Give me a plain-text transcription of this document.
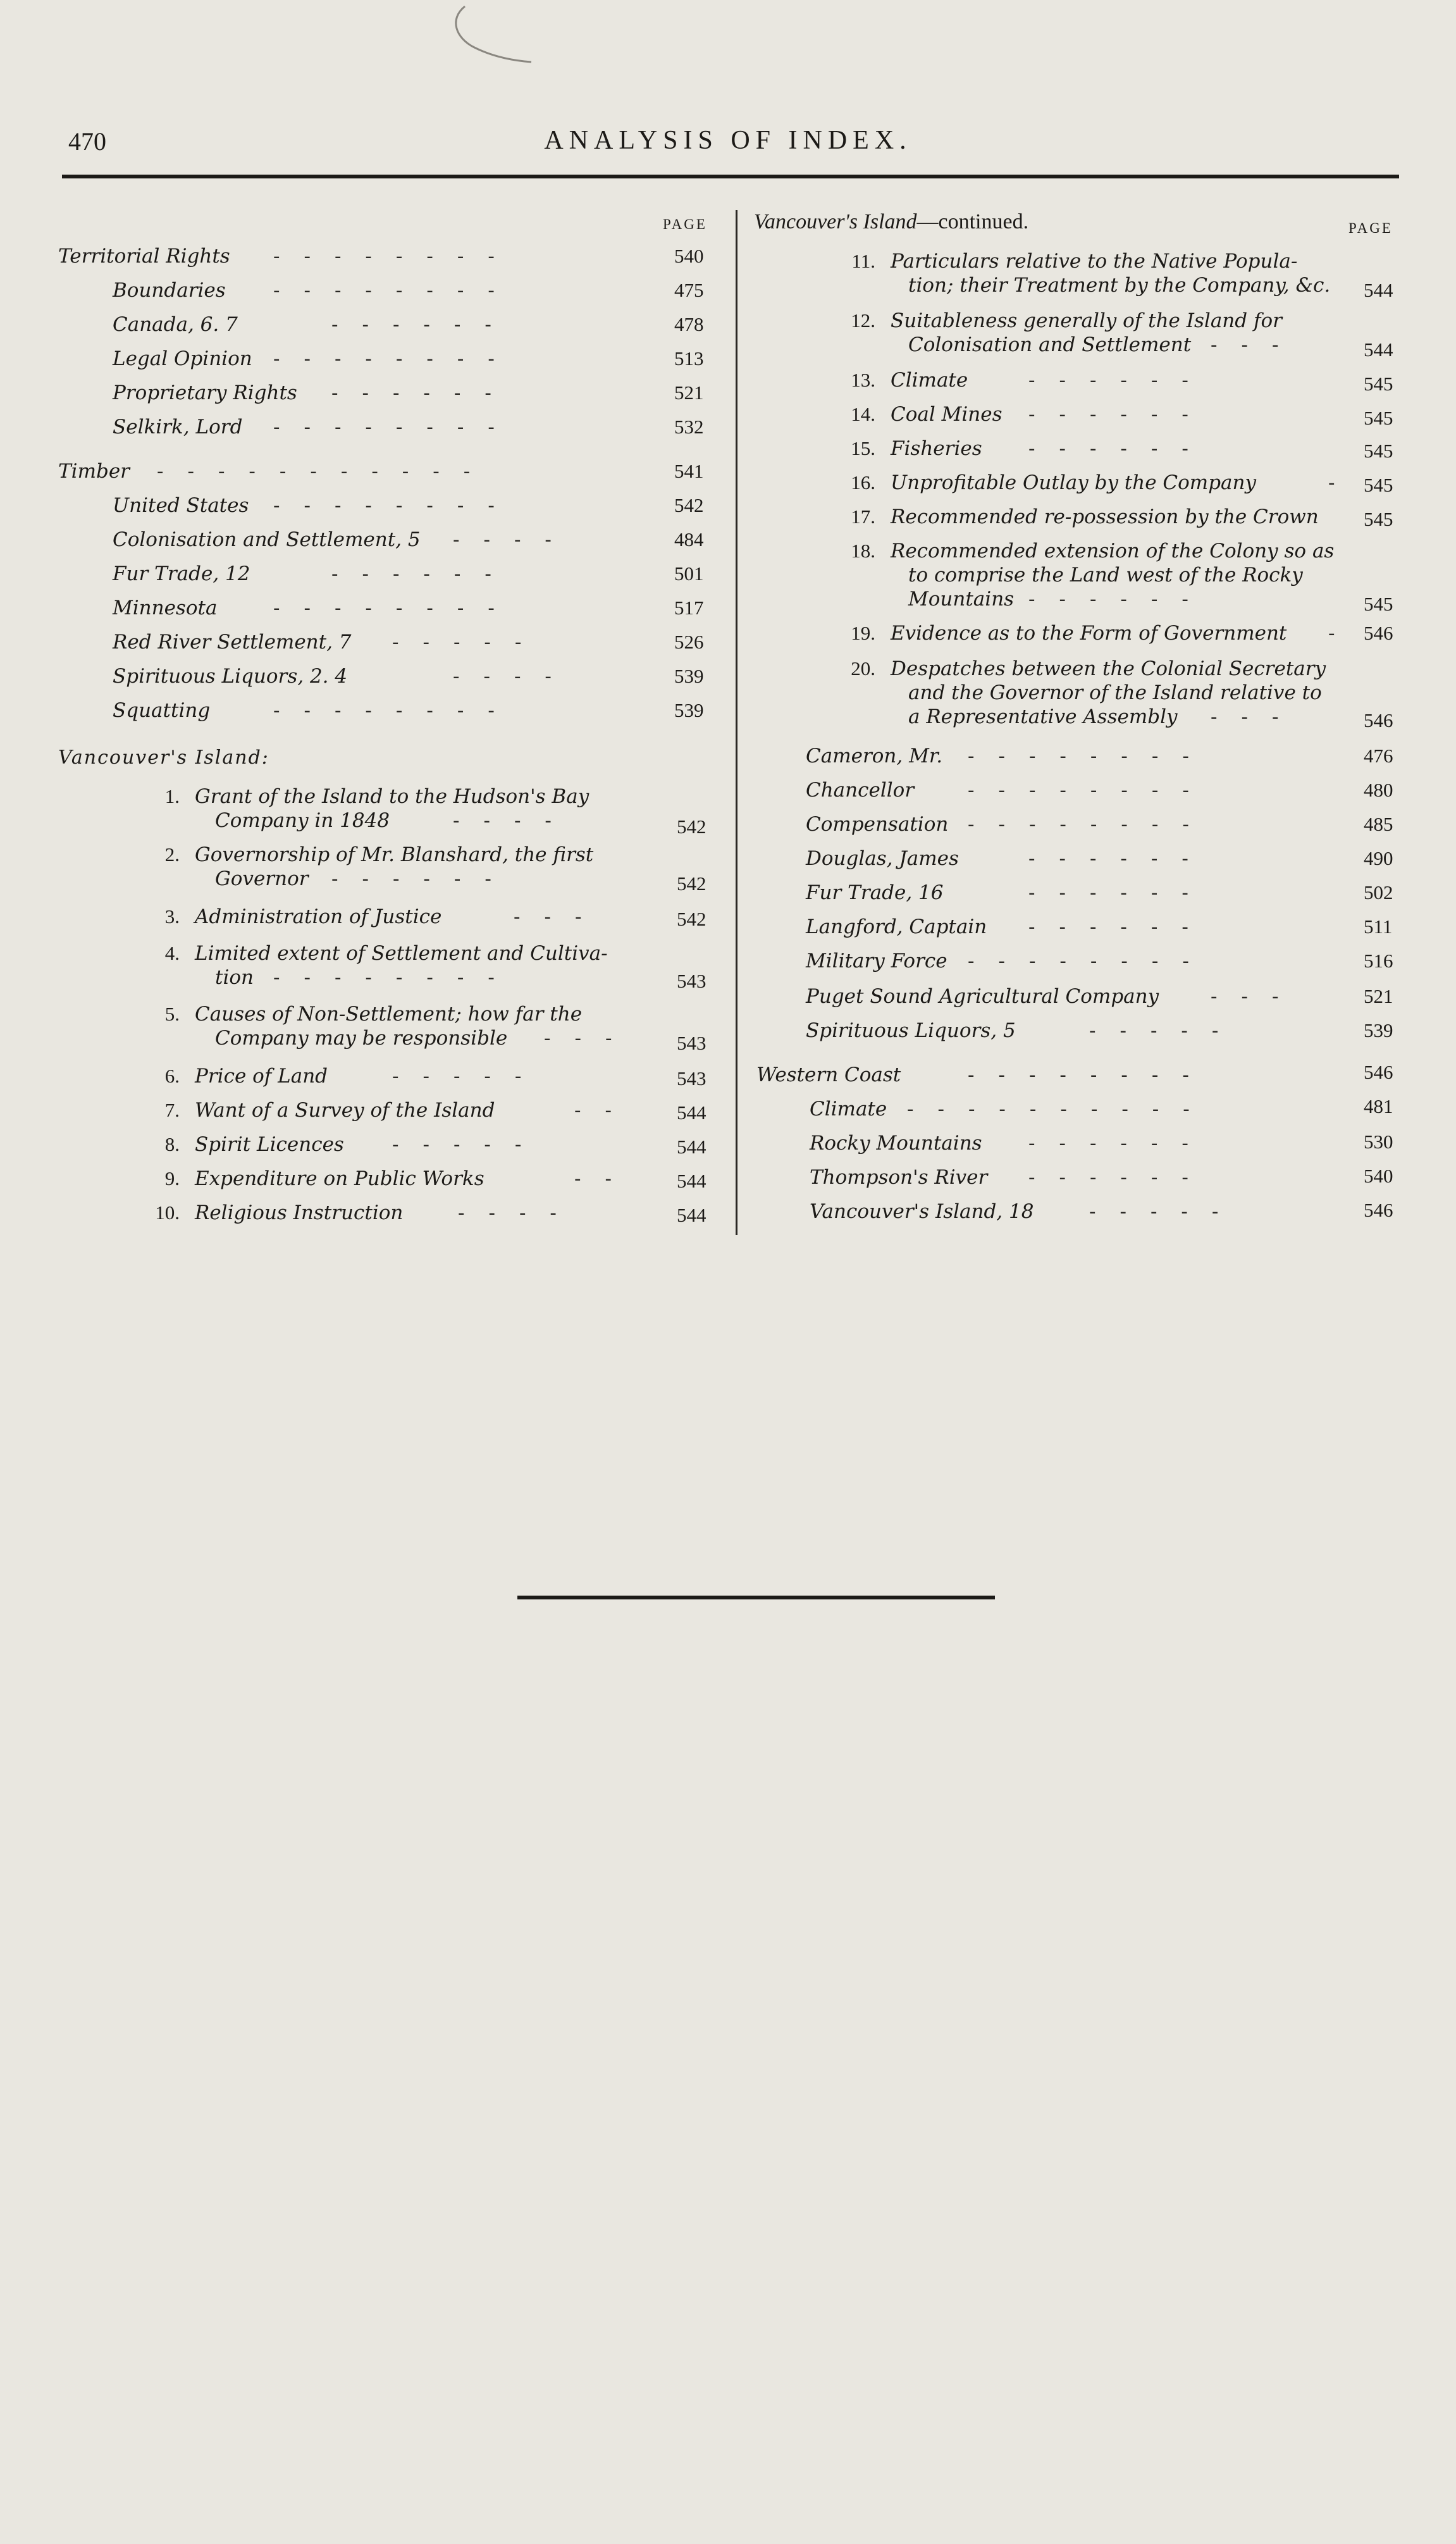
470	ANALYSIS OF INDEX.
PAGE	PAGE
Territorial Rights --------	540
Boundaries --------	475
Canada, 6. 7	------	478
Legal Opinion --------	513
Proprietary Rights ------	521
Selkirk, Lord --------	532
Timber -----------	541
United States --------	542
Colonisation and Settlement, 5 ----	484
Fur Trade, 12	------	501
Minnesota	--------	517
Red River Settlement, 7 -----	526
Spirituous Liquors, 2. 4	----	539
Squatting	--------	539
Vancouver's Island:
1. Grant of the Island to the Hudson's Bay
Company in 1848	----	542
2. Governorship of Mr. Blanshard, the first
Governor ------	542
3. Administration of Justice	---	542
4. Limited extent of Settlement and Cultiva-
tion --------	543
5. Causes of Non-Settlement; how far the
Company may be responsible --- 543
6. Price of Land	-----	543
7. Want of a Survey of the Island	-- 544
8. Spirit Licences -----	544
9. Expenditure on Public Works	-- 544
10. Religious Instruction	----	544
Vancouver's Island—continued.
11. Particulars relative to the Native Popula-
tion; their Treatment by the Company, &c. 544
12. Suitableness generally of the Island for
Colonisation and Settlement ---	544
13. Climate	------	545
14. Coal Mines ------	545
15. Fisheries ------	545
16. Unprofitable Outlay by the Company	- 545
17. Recommended re-possession by the Crown 545
18. Recommended extension of the Colony so as
to comprise the Land west of the Rocky
Mountains ------	545
19. Evidence as to the Form of Government - 546
20. Despatches between the Colonial Secretary
and the Governor of the Island relative to
a Representative Assembly ---	546
Cameron, Mr. --------	476
Chancellor	--------	480
Compensation --------	485
Douglas, James	------	490
Fur Trade, 16	------	502
Langford, Captain ------	511
Military Force --------	516
Puget Sound Agricultural Company	---	521
Spirituous Liquors, 5	-----	539
Western Coast	--------	546
Climate ----------	481
Rocky Mountains ------	530
Thompson's River ------	540
Vancouver's Island, 18	-----	546
